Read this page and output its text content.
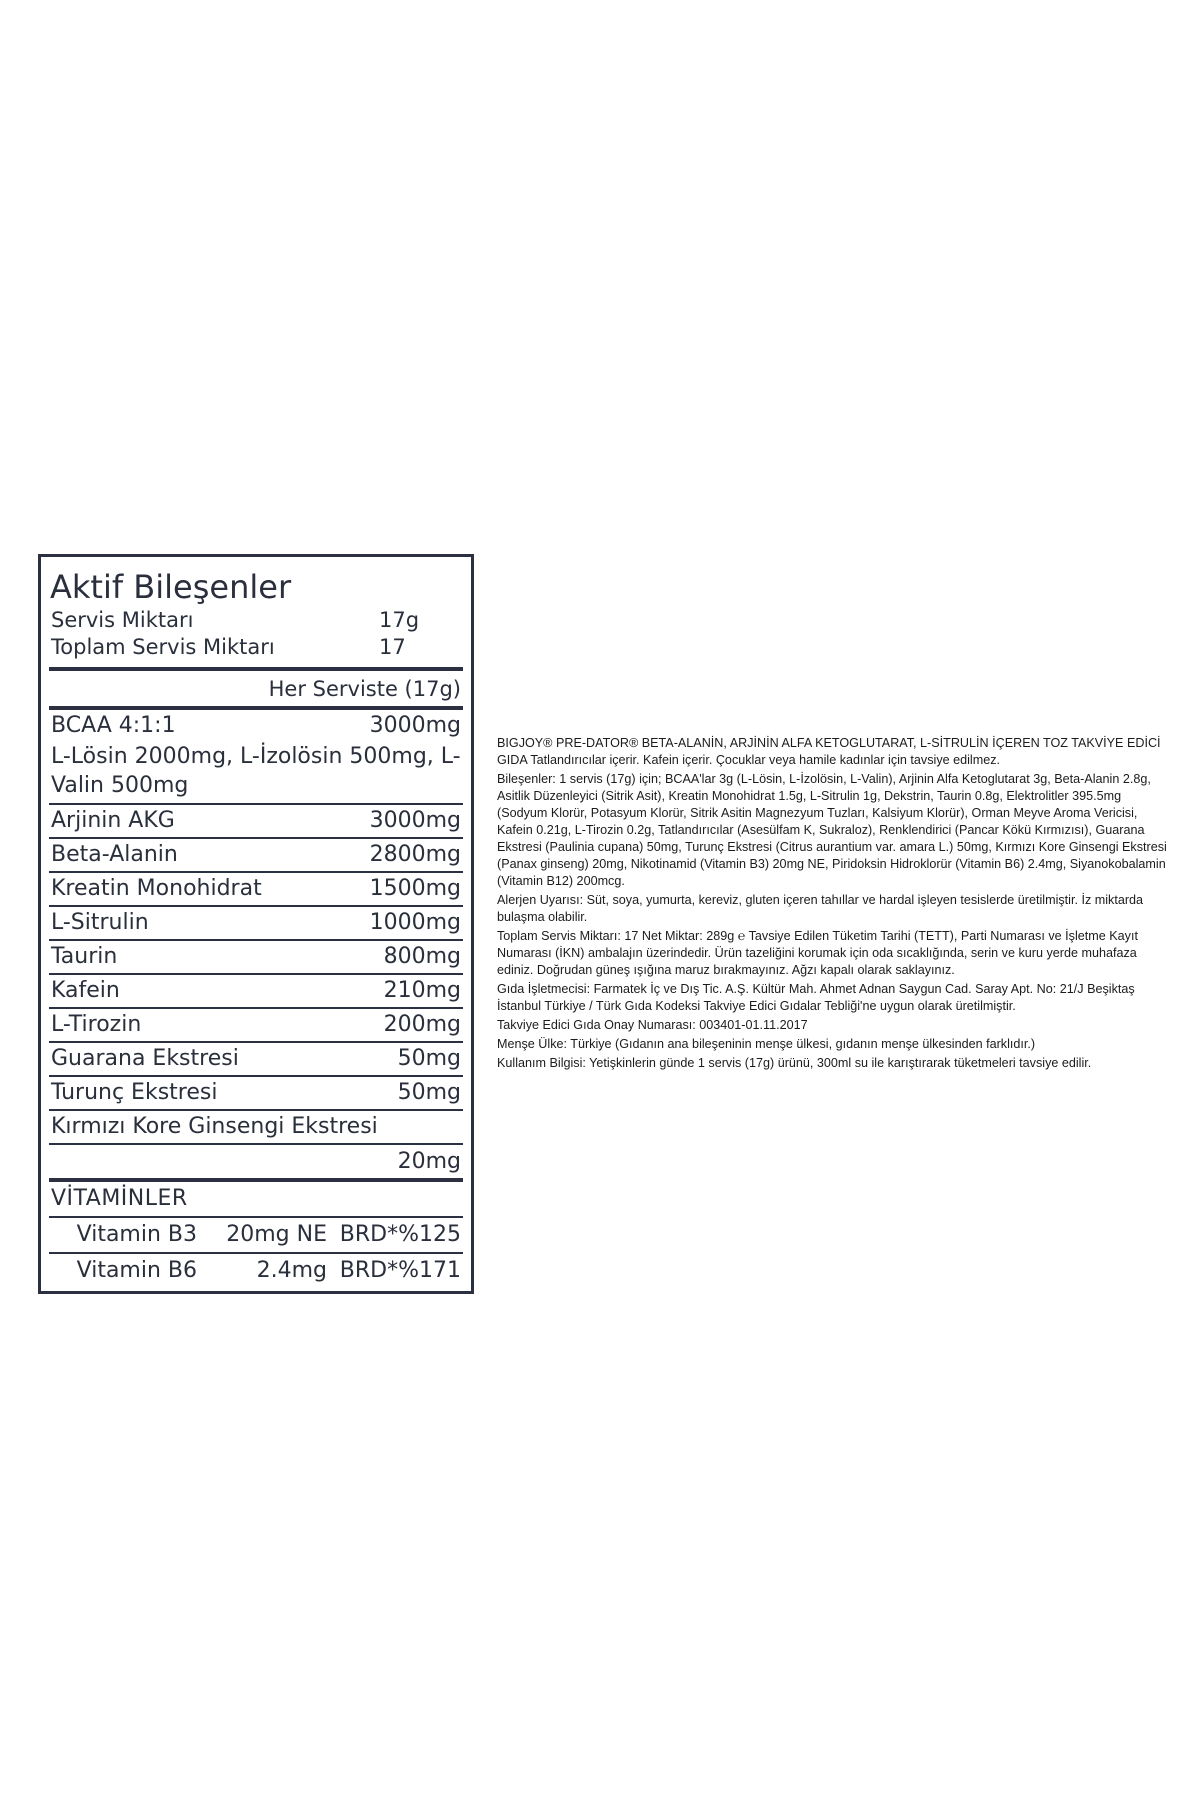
Aktif Bileşenler
Servis Miktarı	17g
Toplam Servis Miktarı	17
Her Serviste (17g)
BCAA 4:1:1	3000mg
L-Lösin 2000mg, L-İzolösin 500mg, L-Valin 500mg
Arjinin AKG	3000mg
Beta-Alanin	2800mg
Kreatin Monohidrat	1500mg
L-Sitrulin	1000mg
Taurin	800mg
Kafein	210mg
L-Tirozin	200mg
Guarana Ekstresi	50mg
Turunç Ekstresi	50mg
Kırmızı Kore Ginsengi Ekstresi
20mg
VİTAMİNLER
Vitamin B3	20mg NE BRD*%125
Vitamin B6	2.4mg BRD*%171

BIGJOY® PRE-DATOR® BETA-ALANİN, ARJİNİN ALFA KETOGLUTARAT, L-SİTRULİN İÇEREN TOZ TAKVİYE EDİCİ GIDA Tatlandırıcılar içerir. Kafein içerir. Çocuklar veya hamile kadınlar için tavsiye edilmez.

Bileşenler: 1 servis (17g) için; BCAA'lar 3g (L-Lösin, L-İzolösin, L-Valin), Arjinin Alfa Ketoglutarat 3g, Beta-Alanin 2.8g, Asitlik Düzenleyici (Sitrik Asit), Kreatin Monohidrat 1.5g, L-Sitrulin 1g, Dekstrin, Taurin 0.8g, Elektrolitler 395.5mg (Sodyum Klorür, Potasyum Klorür, Sitrik Asitin Magnezyum Tuzları, Kalsiyum Klorür), Orman Meyve Aroma Vericisi, Kafein 0.21g, L-Tirozin 0.2g, Tatlandırıcılar (Asesülfam K, Sukraloz), Renklendirici (Pancar Kökü Kırmızısı), Guarana Ekstresi (Paulinia cupana) 50mg, Turunç Ekstresi (Citrus aurantium var. amara L.) 50mg, Kırmızı Kore Ginsengi Ekstresi (Panax ginseng) 20mg, Nikotinamid (Vitamin B3) 20mg NE, Piridoksin Hidroklorür (Vitamin B6) 2.4mg, Siyanokobalamin (Vitamin B12) 200mcg.

Alerjen Uyarısı: Süt, soya, yumurta, kereviz, gluten içeren tahıllar ve hardal işleyen tesislerde üretilmiştir. İz miktarda bulaşma olabilir.

Toplam Servis Miktarı: 17 Net Miktar: 289g ℮ Tavsiye Edilen Tüketim Tarihi (TETT), Parti Numarası ve İşletme Kayıt Numarası (İKN) ambalajın üzerindedir. Ürün tazeliğini korumak için oda sıcaklığında, serin ve kuru yerde muhafaza ediniz. Doğrudan güneş ışığına maruz bırakmayınız. Ağzı kapalı olarak saklayınız.

Gıda İşletmecisi: Farmatek İç ve Dış Tic. A.Ş. Kültür Mah. Ahmet Adnan Saygun Cad. Saray Apt. No: 21/J Beşiktaş İstanbul Türkiye / Türk Gıda Kodeksi Takviye Edici Gıdalar Tebliği'ne uygun olarak üretilmiştir.

Takviye Edici Gıda Onay Numarası: 003401-01.11.2017

Menşe Ülke: Türkiye (Gıdanın ana bileşeninin menşe ülkesi, gıdanın menşe ülkesinden farklıdır.)

Kullanım Bilgisi: Yetişkinlerin günde 1 servis (17g) ürünü, 300ml su ile karıştırarak tüketmeleri tavsiye edilir.
